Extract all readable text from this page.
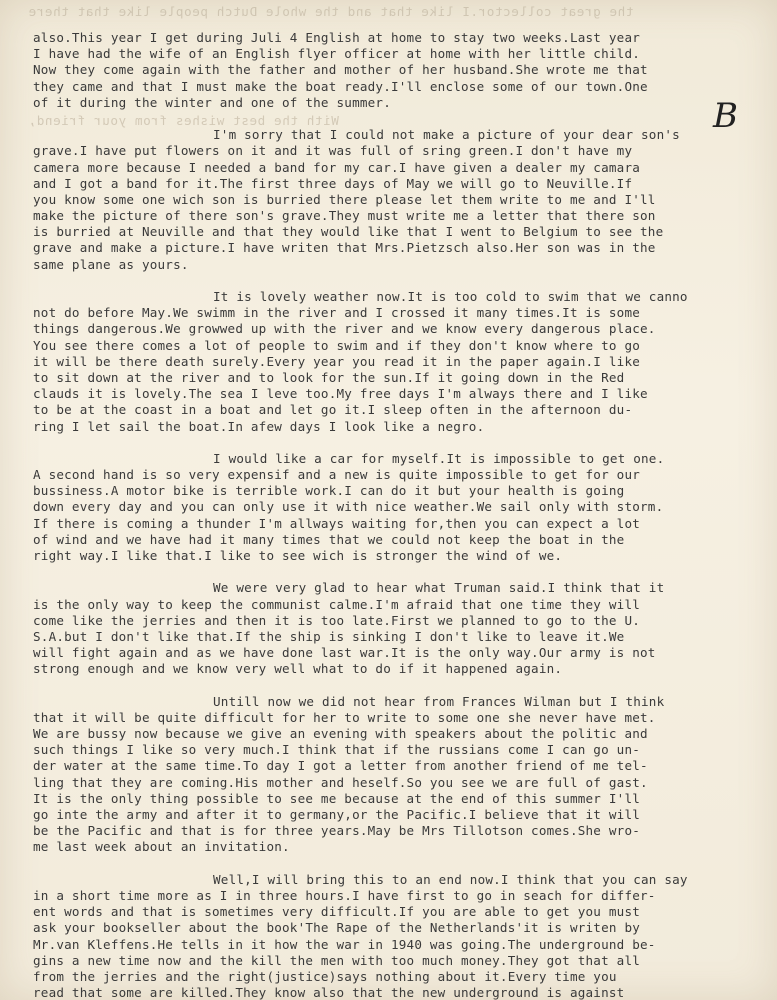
the great collector.I like that and the whole Dutch people like that there
With the best wishes from your friend,	B
also.This year I get during Juli 4 English at home to stay two weeks.Last year
I have had the wife of an English flyer officer at home with her little child.
Now they come again with the father and mother of her husband.She wrote me that
they came and that I must make the boat ready.I'll enclose some of our town.One
of it during the winter and one of the summer.
I'm sorry that I could not make a picture of your dear son's
grave.I have put flowers on it and it was full of sring green.I don't have my
camera more because I needed a band for my car.I have given a dealer my camara
and I got a band for it.The first three days of May we will go to Neuville.If
you know some one wich son is burried there please let them write to me and I'll
make the picture of there son's grave.They must write me a letter that there son
is burried at Neuville and that they would like that I went to Belgium to see the
grave and make a picture.I have writen that Mrs.Pietzsch also.Her son was in the
same plane as yours.
It is lovely weather now.It is too cold to swim that we canno
not do before May.We swimm in the river and I crossed it many times.It is some
things dangerous.We growwed up with the river and we know every dangerous place.
You see there comes a lot of people to swim and if they don't know where to go
it will be there death surely.Every year you read it in the paper again.I like
to sit down at the river and to look for the sun.If it going down in the Red
clauds it is lovely.The sea I leve too.My free days I'm always there and I like
to be at the coast in a boat and let go it.I sleep often in the afternoon du-
ring I let sail the boat.In afew days I look like a negro.
I would like a car for myself.It is impossible to get one.
A second hand is so very expensif and a new is quite impossible to get for our
bussiness.A motor bike is terrible work.I can do it but your health is going
down every day and you can only use it with nice weather.We sail only with storm.
If there is coming a thunder I'm allways waiting for,then you can expect a lot
of wind and we have had it many times that we could not keep the boat in the
right way.I like that.I like to see wich is stronger the wind of we.
We were very glad to hear what Truman said.I think that it
is the only way to keep the communist calme.I'm afraid that one time they will
come like the jerries and then it is too late.First we planned to go to the U.
S.A.but I don't like that.If the ship is sinking I don't like to leave it.We
will fight again and as we have done last war.It is the only way.Our army is not
strong enough and we know very well what to do if it happened again.
Untill now we did not hear from Frances Wilman but I think
that it will be quite difficult for her to write to some one she never have met.
We are bussy now because we give an evening with speakers about the politic and
such things I like so very much.I think that if the russians come I can go un-
der water at the same time.To day I got a letter from another friend of me tel-
ling that they are coming.His mother and heself.So you see we are full of gast.
It is the only thing possible to see me because at the end of this summer I'll
go inte the army and after it to germany,or the Pacific.I believe that it will
be the Pacific and that is for three years.May be Mrs Tillotson comes.She wro-
me last week about an invitation.
Well,I will bring this to an end now.I think that you can say
in a short time more as I in three hours.I have first to go in seach for differ-
ent words and that is sometimes very difficult.If you are able to get you must
ask your bookseller about the book'The Rape of the Netherlands'it is writen by
Mr.van Kleffens.He tells in it how the war in 1940 was going.The underground be-
gins a new time now and the kill the men with too much money.They got that all
from the jerries and the right(justice)says nothing about it.Every time you
read that some are killed.They know also that the new underground is against
